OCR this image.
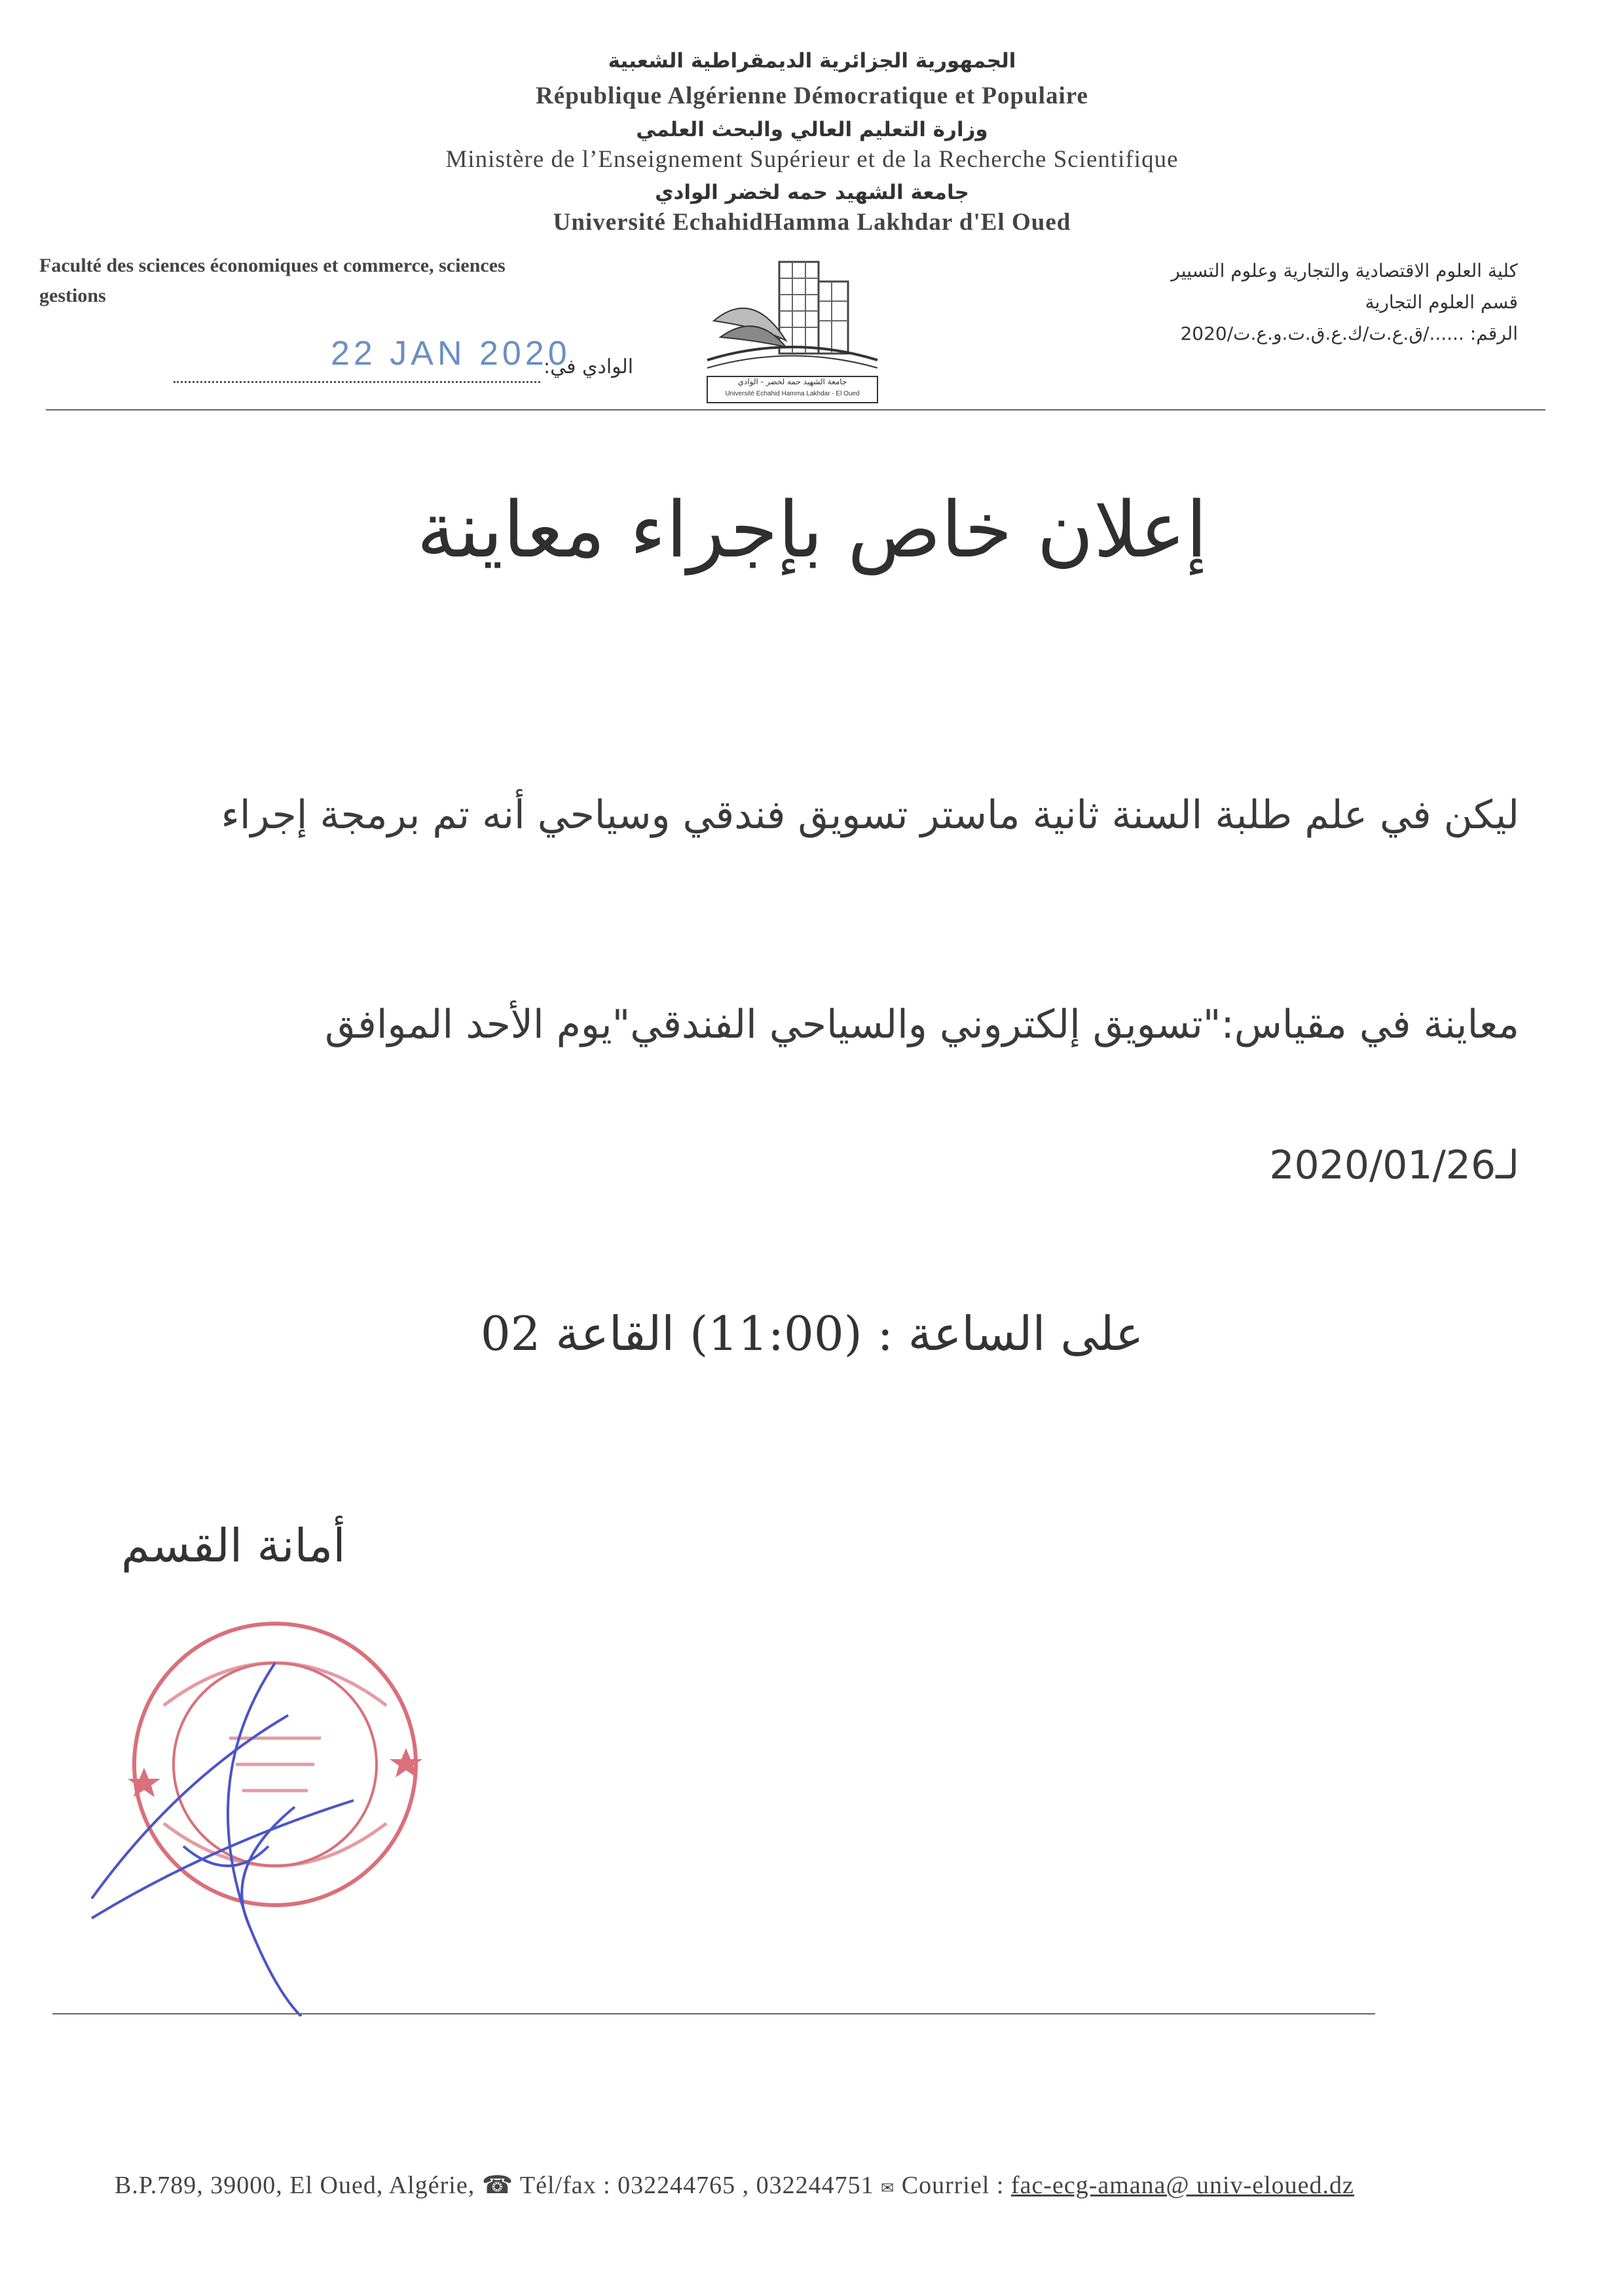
الجمهورية الجزائرية الديمقراطية الشعبية
République Algérienne Démocratique et Populaire
وزارة التعليم العالي والبحث العلمي
Ministère de l’Enseignement Supérieur et de la Recherche Scientifique
جامعة الشهيد حمه لخضر الوادي
Université EchahidHamma Lakhdar d'El Oued
Faculté des sciences économiques et commerce, sciences
gestions
كلية العلوم الاقتصادية والتجارية وعلوم التسيير
قسم العلوم التجارية
الرقم: ....../ق.ع.ت/ك.ع.ق.ت.و.ع.ت/2020
جامعة الشهيد حمه لخضر - الوادي
Université Echahid Hamma Lakhdar - El Oued
22 JAN 2020
الوادي في:
إعلان خاص بإجراء معاينة
ليكن في علم طلبة السنة ثانية ماستر تسويق فندقي وسياحي أنه تم برمجة إجراء
معاينة في مقياس:"تسويق إلكتروني والسياحي الفندقي"يوم الأحد الموافق
لـ2020/01/26
على الساعة : (11:00) القاعة 02
أمانة القسم
B.P.789, 39000, El Oued, Algérie, ☎ Tél/fax : 032244765 , 032244751 ✉ Courriel : fac-ecg-amana@ univ-eloued.dz
